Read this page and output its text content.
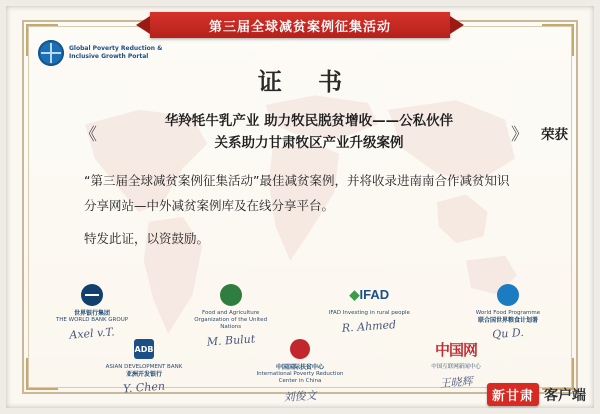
第三届全球减贫案例征集活动
Global Poverty Reduction &
Inclusive Growth Portal
证 书
《
华羚牦牛乳产业 助力牧民脱贫增收——公私伙伴
关系助力甘肃牧区产业升级案例	》 荣获
“第三届全球减贫案例征集活动”最佳减贫案例，并将收录进南南合作减贫知识
分享网站—中外减贫案例库及在线分享平台。
特发此证，以资鼓励。
世界银行集团
THE WORLD BANK GROUP
Axel v.T.
Food and Agriculture Organization of the United Nations
M. Bulut
◆IFAD
IFAD Investing in rural people
R. Ahmed
World Food Programme
联合国世界粮食计划署
Qu D.
ADB
ASIAN DEVELOPMENT BANK
亚洲开发银行
Y. Chen
中国国际扶贫中心
International Poverty Reduction Center in China
刘俊文
中国网
中国互联网新闻中心
王晓辉
新甘肃 客户端
